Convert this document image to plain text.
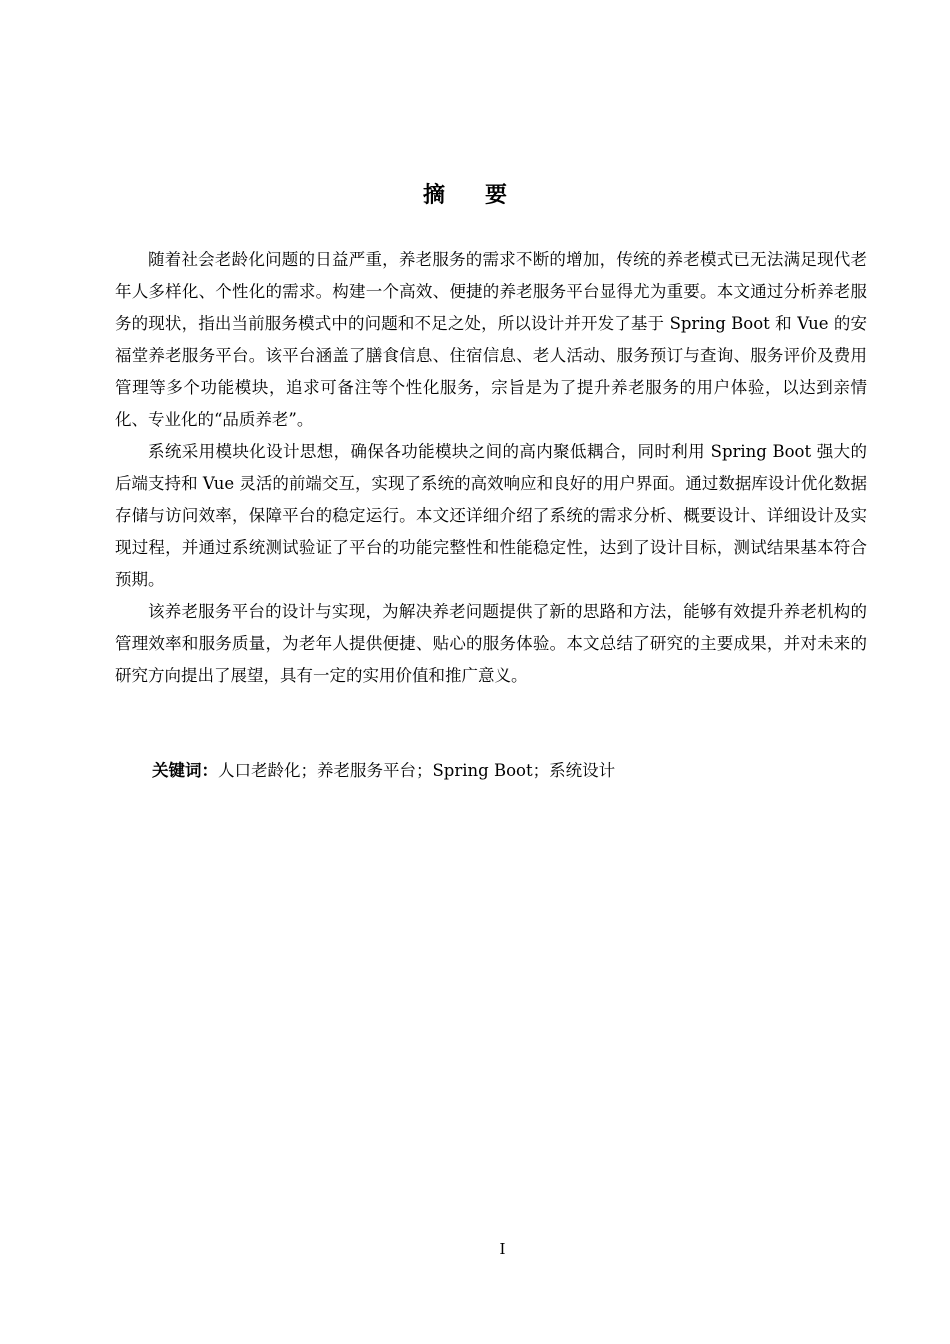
摘要

随着社会老龄化问题的日益严重，养老服务的需求不断的增加，传统的养老模式已无法满足现代老年人多样化、个性化的需求。构建一个高效、便捷的养老服务平台显得尤为重要。本文通过分析养老服务的现状，指出当前服务模式中的问题和不足之处，所以设计并开发了基于 Spring Boot 和 Vue 的安福堂养老服务平台。该平台涵盖了膳食信息、住宿信息、老人活动、服务预订与查询、服务评价及费用管理等多个功能模块，追求可备注等个性化服务，宗旨是为了提升养老服务的用户体验，以达到亲情化、专业化的“品质养老”。

系统采用模块化设计思想，确保各功能模块之间的高内聚低耦合，同时利用 Spring Boot 强大的后端支持和 Vue 灵活的前端交互，实现了系统的高效响应和良好的用户界面。通过数据库设计优化数据存储与访问效率，保障平台的稳定运行。本文还详细介绍了系统的需求分析、概要设计、详细设计及实现过程，并通过系统测试验证了平台的功能完整性和性能稳定性，达到了设计目标，测试结果基本符合预期。

该养老服务平台的设计与实现，为解决养老问题提供了新的思路和方法，能够有效提升养老机构的管理效率和服务质量，为老年人提供便捷、贴心的服务体验。本文总结了研究的主要成果，并对未来的研究方向提出了展望，具有一定的实用价值和推广意义。

关键词：人口老龄化；养老服务平台；Spring Boot；系统设计
I
